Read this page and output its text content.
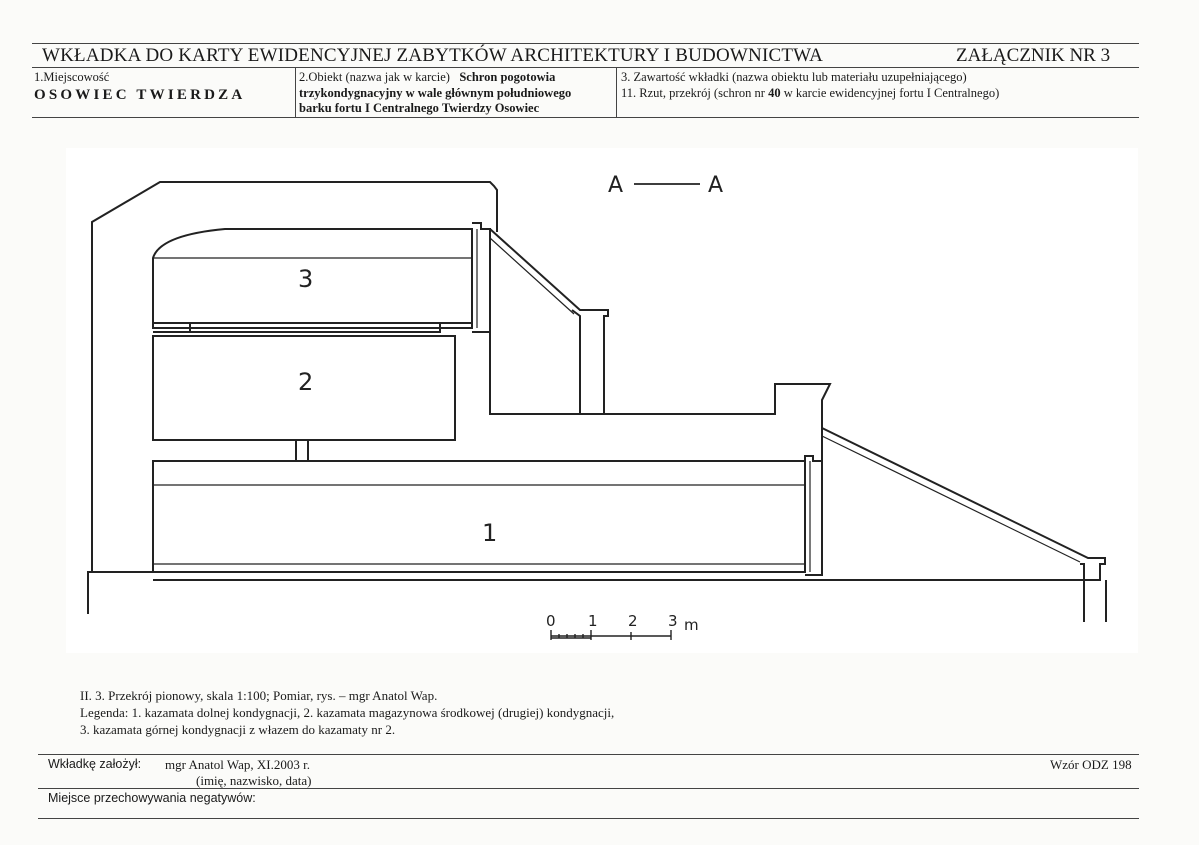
WKŁADKA DO KARTY EWIDENCYJNEJ ZABYTKÓW ARCHITEKTURY I BUDOWNICTWA	ZAŁĄCZNIK NR 3
1.Miejscowość
OSOWIEC TWIERDZA
2.Obiekt (nazwa jak w karcie) Schron pogotowia
trzykondygnacyjny w wale głównym południowego
barku fortu I Centralnego Twierdzy Osowiec
3. Zawartość wkładki (nazwa obiektu lub materiału uzupełniającego)
11. Rzut, przekrój (schron nr 40 w karcie ewidencyjnej fortu I Centralnego)
A	A
3
2
1
0 1 2 3 m
II. 3. Przekrój pionowy, skala 1:100; Pomiar, rys. – mgr Anatol Wap.
Legenda: 1. kazamata dolnej kondygnacji, 2. kazamata magazynowa środkowej (drugiej) kondygnacji,
3. kazamata górnej kondygnacji z włazem do kazamaty nr 2.
Wkładkę założył: mgr Anatol Wap, XI.2003 r.
(imię, nazwisko, data)
Wzór ODZ 198
Miejsce przechowywania negatywów:
